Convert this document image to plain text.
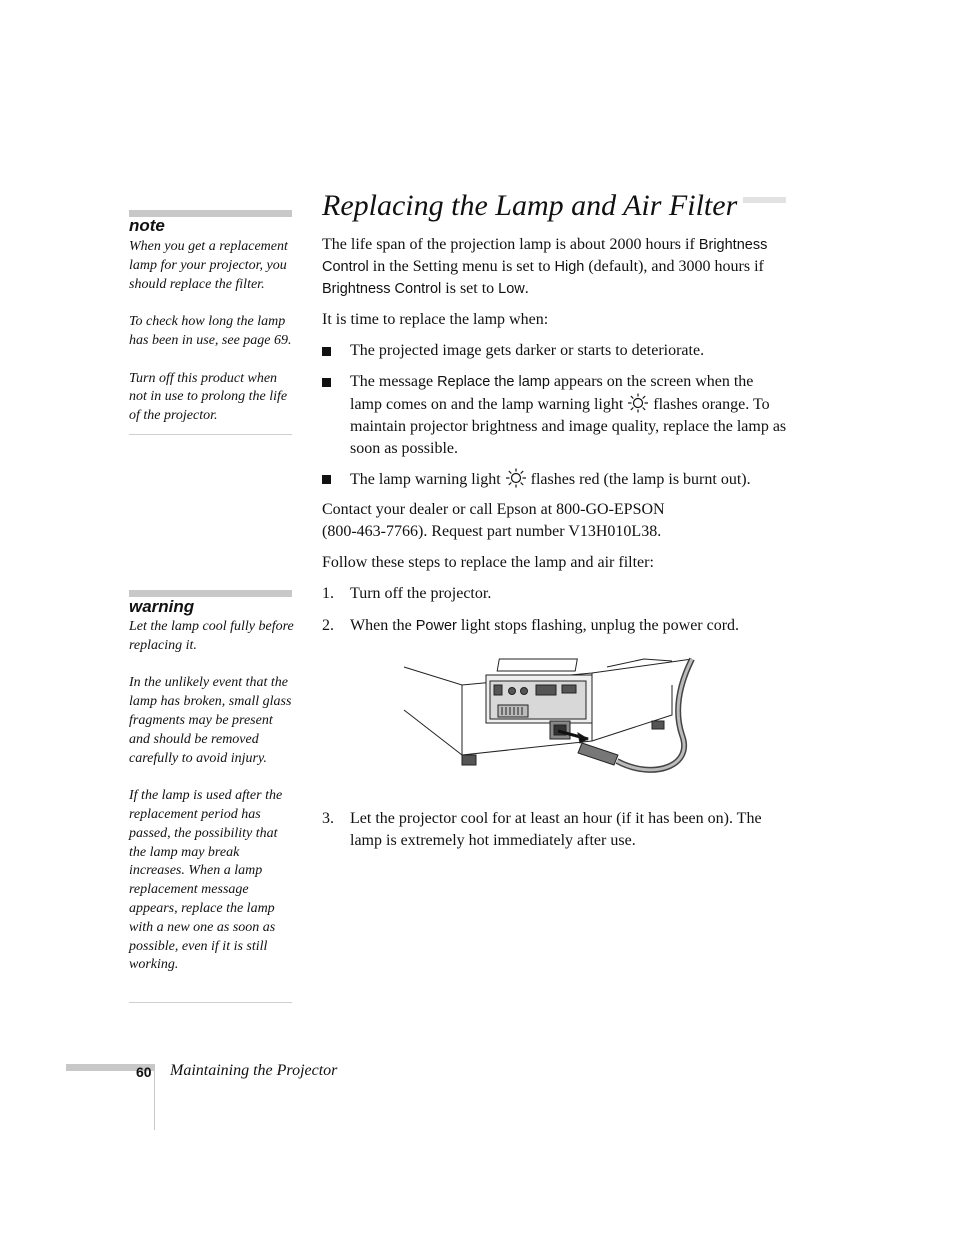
note

When you get a replacement lamp for your projector, you should replace the filter.

To check how long the lamp has been in use, see page 69.

Turn off this product when not in use to prolong the life of the projector.

warning

Let the lamp cool fully before replacing it.

In the unlikely event that the lamp has broken, small glass fragments may be present and should be removed carefully to avoid injury.

If the lamp is used after the replacement period has passed, the possibility that the lamp may break increases. When a lamp replacement message appears, replace the lamp with a new one as soon as possible, even if it is still working.

Replacing the Lamp and Air Filter
The life span of the projection lamp is about 2000 hours if Brightness Control in the Setting menu is set to High (default), and 3000 hours if Brightness Control is set to Low.
It is time to replace the lamp when:
The projected image gets darker or starts to deteriorate.
The message Replace the lamp appears on the screen when the lamp comes on and the lamp warning light  flashes orange. To maintain projector brightness and image quality, replace the lamp as soon as possible.
The lamp warning light  flashes red (the lamp is burnt out).
Contact your dealer or call Epson at 800-GO-EPSON (800-463-7766). Request part number V13H010L38.
Follow these steps to replace the lamp and air filter:
1. Turn off the projector.
2. When the Power light stops flashing, unplug the power cord.
3. Let the projector cool for at least an hour (if it has been on). The lamp is extremely hot immediately after use.
60 Maintaining the Projector
